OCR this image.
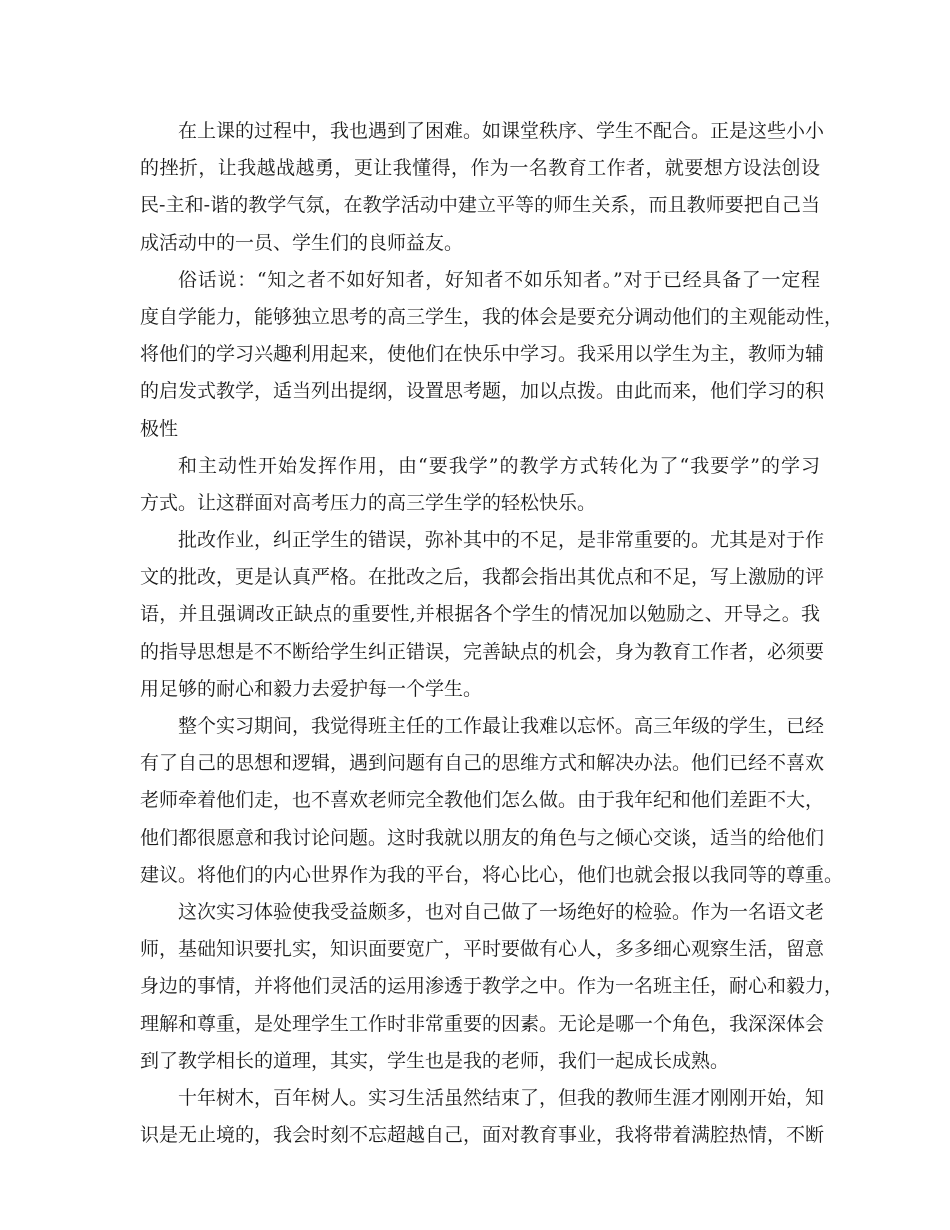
在上课的过程中，我也遇到了困难。如课堂秩序、学生不配合。正是这些小小
的挫折，让我越战越勇，更让我懂得，作为一名教育工作者，就要想方设法创设
民-主和-谐的教学气氛，在教学活动中建立平等的师生关系，而且教师要把自己当
成活动中的一员、学生们的良师益友。
俗话说：“知之者不如好知者，好知者不如乐知者。”对于已经具备了一定程
度自学能力，能够独立思考的高三学生，我的体会是要充分调动他们的主观能动性，
将他们的学习兴趣利用起来，使他们在快乐中学习。我采用以学生为主，教师为辅
的启发式教学，适当列出提纲，设置思考题，加以点拨。由此而来，他们学习的积
极性
和主动性开始发挥作用，由“要我学”的教学方式转化为了“我要学”的学习
方式。让这群面对高考压力的高三学生学的轻松快乐。
批改作业，纠正学生的错误，弥补其中的不足，是非常重要的。尤其是对于作
文的批改，更是认真严格。在批改之后，我都会指出其优点和不足，写上激励的评
语，并且强调改正缺点的重要性,并根据各个学生的情况加以勉励之、开导之。我
的指导思想是不不断给学生纠正错误，完善缺点的机会，身为教育工作者，必须要
用足够的耐心和毅力去爱护每一个学生。
整个实习期间，我觉得班主任的工作最让我难以忘怀。高三年级的学生，已经
有了自己的思想和逻辑，遇到问题有自己的思维方式和解决办法。他们已经不喜欢
老师牵着他们走，也不喜欢老师完全教他们怎么做。由于我年纪和他们差距不大，
他们都很愿意和我讨论问题。这时我就以朋友的角色与之倾心交谈，适当的给他们
建议。将他们的内心世界作为我的平台，将心比心，他们也就会报以我同等的尊重。
这次实习体验使我受益颇多，也对自己做了一场绝好的检验。作为一名语文老
师，基础知识要扎实，知识面要宽广，平时要做有心人，多多细心观察生活，留意
身边的事情，并将他们灵活的运用渗透于教学之中。作为一名班主任，耐心和毅力，
理解和尊重，是处理学生工作时非常重要的因素。无论是哪一个角色，我深深体会
到了教学相长的道理，其实，学生也是我的老师，我们一起成长成熟。
十年树木，百年树人。实习生活虽然结束了，但我的教师生涯才刚刚开始，知
识是无止境的，我会时刻不忘超越自己，面对教育事业，我将带着满腔热情，不断
